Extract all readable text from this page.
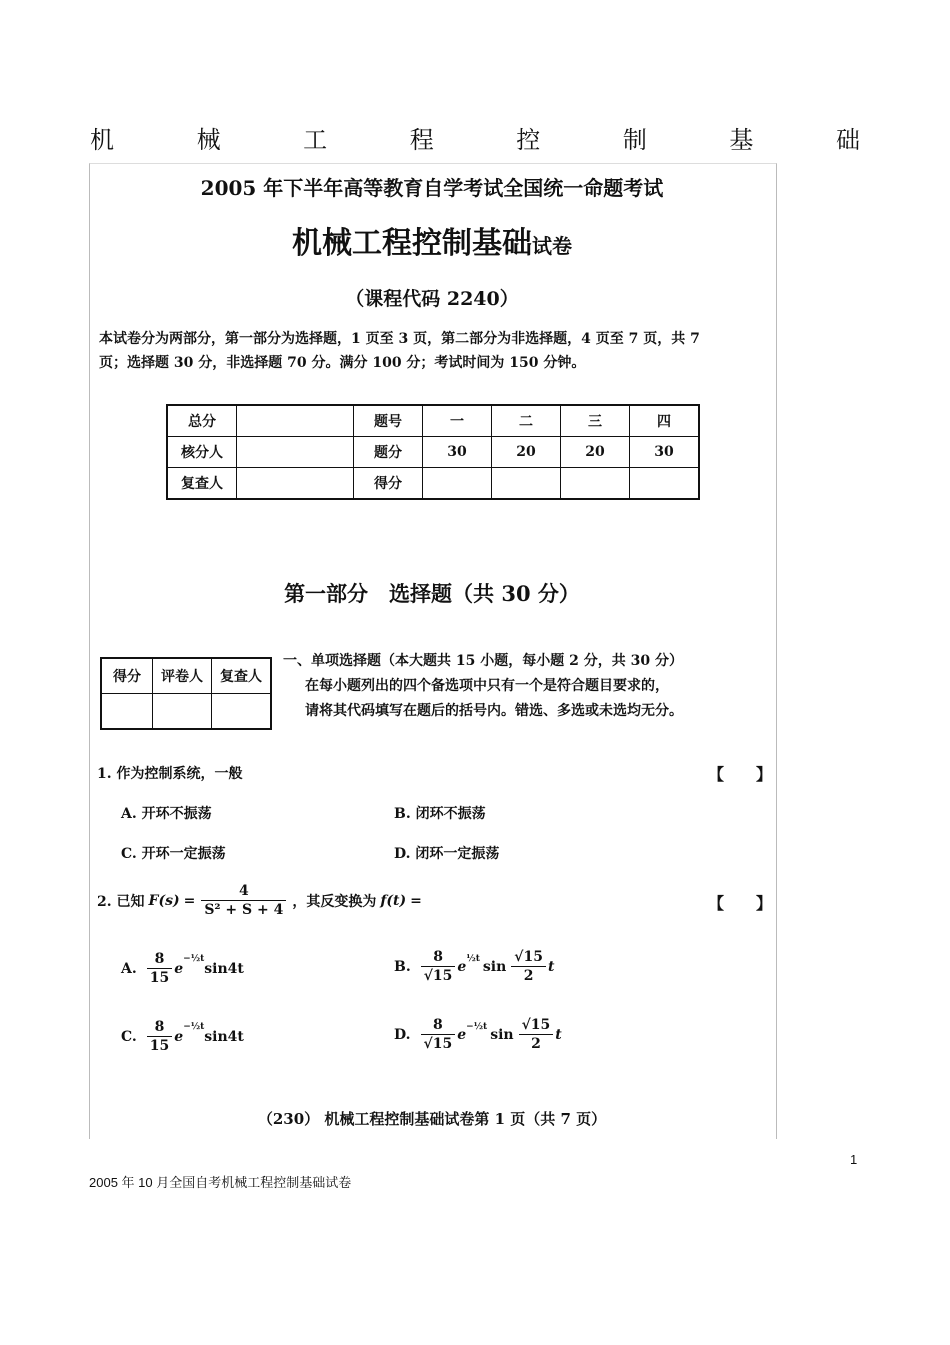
机	械	工	程	控	制	基	础
2005 年下半年高等教育自学考试全国统一命题考试
机械工程控制基础试卷
（课程代码 2240）
本试卷分为两部分，第一部分为选择题，1 页至 3 页，第二部分为非选择题，4 页至 7 页，共 7
页；选择题 30 分，非选择题 70 分。满分 100 分；考试时间为 150 分钟。
总分		题号	一	二	三	四
核分人		题分	30	20	20	30
复查人		得分				
第一部分　选择题（共 30 分）
得分	评卷人	复查人

一、单项选择题（本大题共 15 小题，每小题 2 分，共 30 分）
在每小题列出的四个备选项中只有一个是符合题目要求的，
请将其代码填写在题后的括号内。错选、多选或未选均无分。
1. 作为控制系统，一般	【　　】
A. 开环不振荡	B. 闭环不振荡
C. 开环一定振荡	D. 闭环一定振荡
2. 已知 $F(s) = \frac{4}{\text{S² + S + 4}}$ ，其反变换为 f(t) =	【　　】
A. $\frac{8}{15}$ e
$^{-\frac{1}{2}t}$
sin4t	B. $\frac{8}{√15} e^{\frac{1}{2}t}$ $\sin \frac{√15}{2}$ t
C. $\frac{8}{15}$ e
$^{-\frac{1}{2}t}$
sin4t	D. $\frac{8}{√15} e^{-\frac{1}{2}t}$ $\sin \frac{√15}{2}$ t
（230） 机械工程控制基础试卷第 1 页（共 7 页）
1
2005 年 10 月全国自考机械工程控制基础试卷
